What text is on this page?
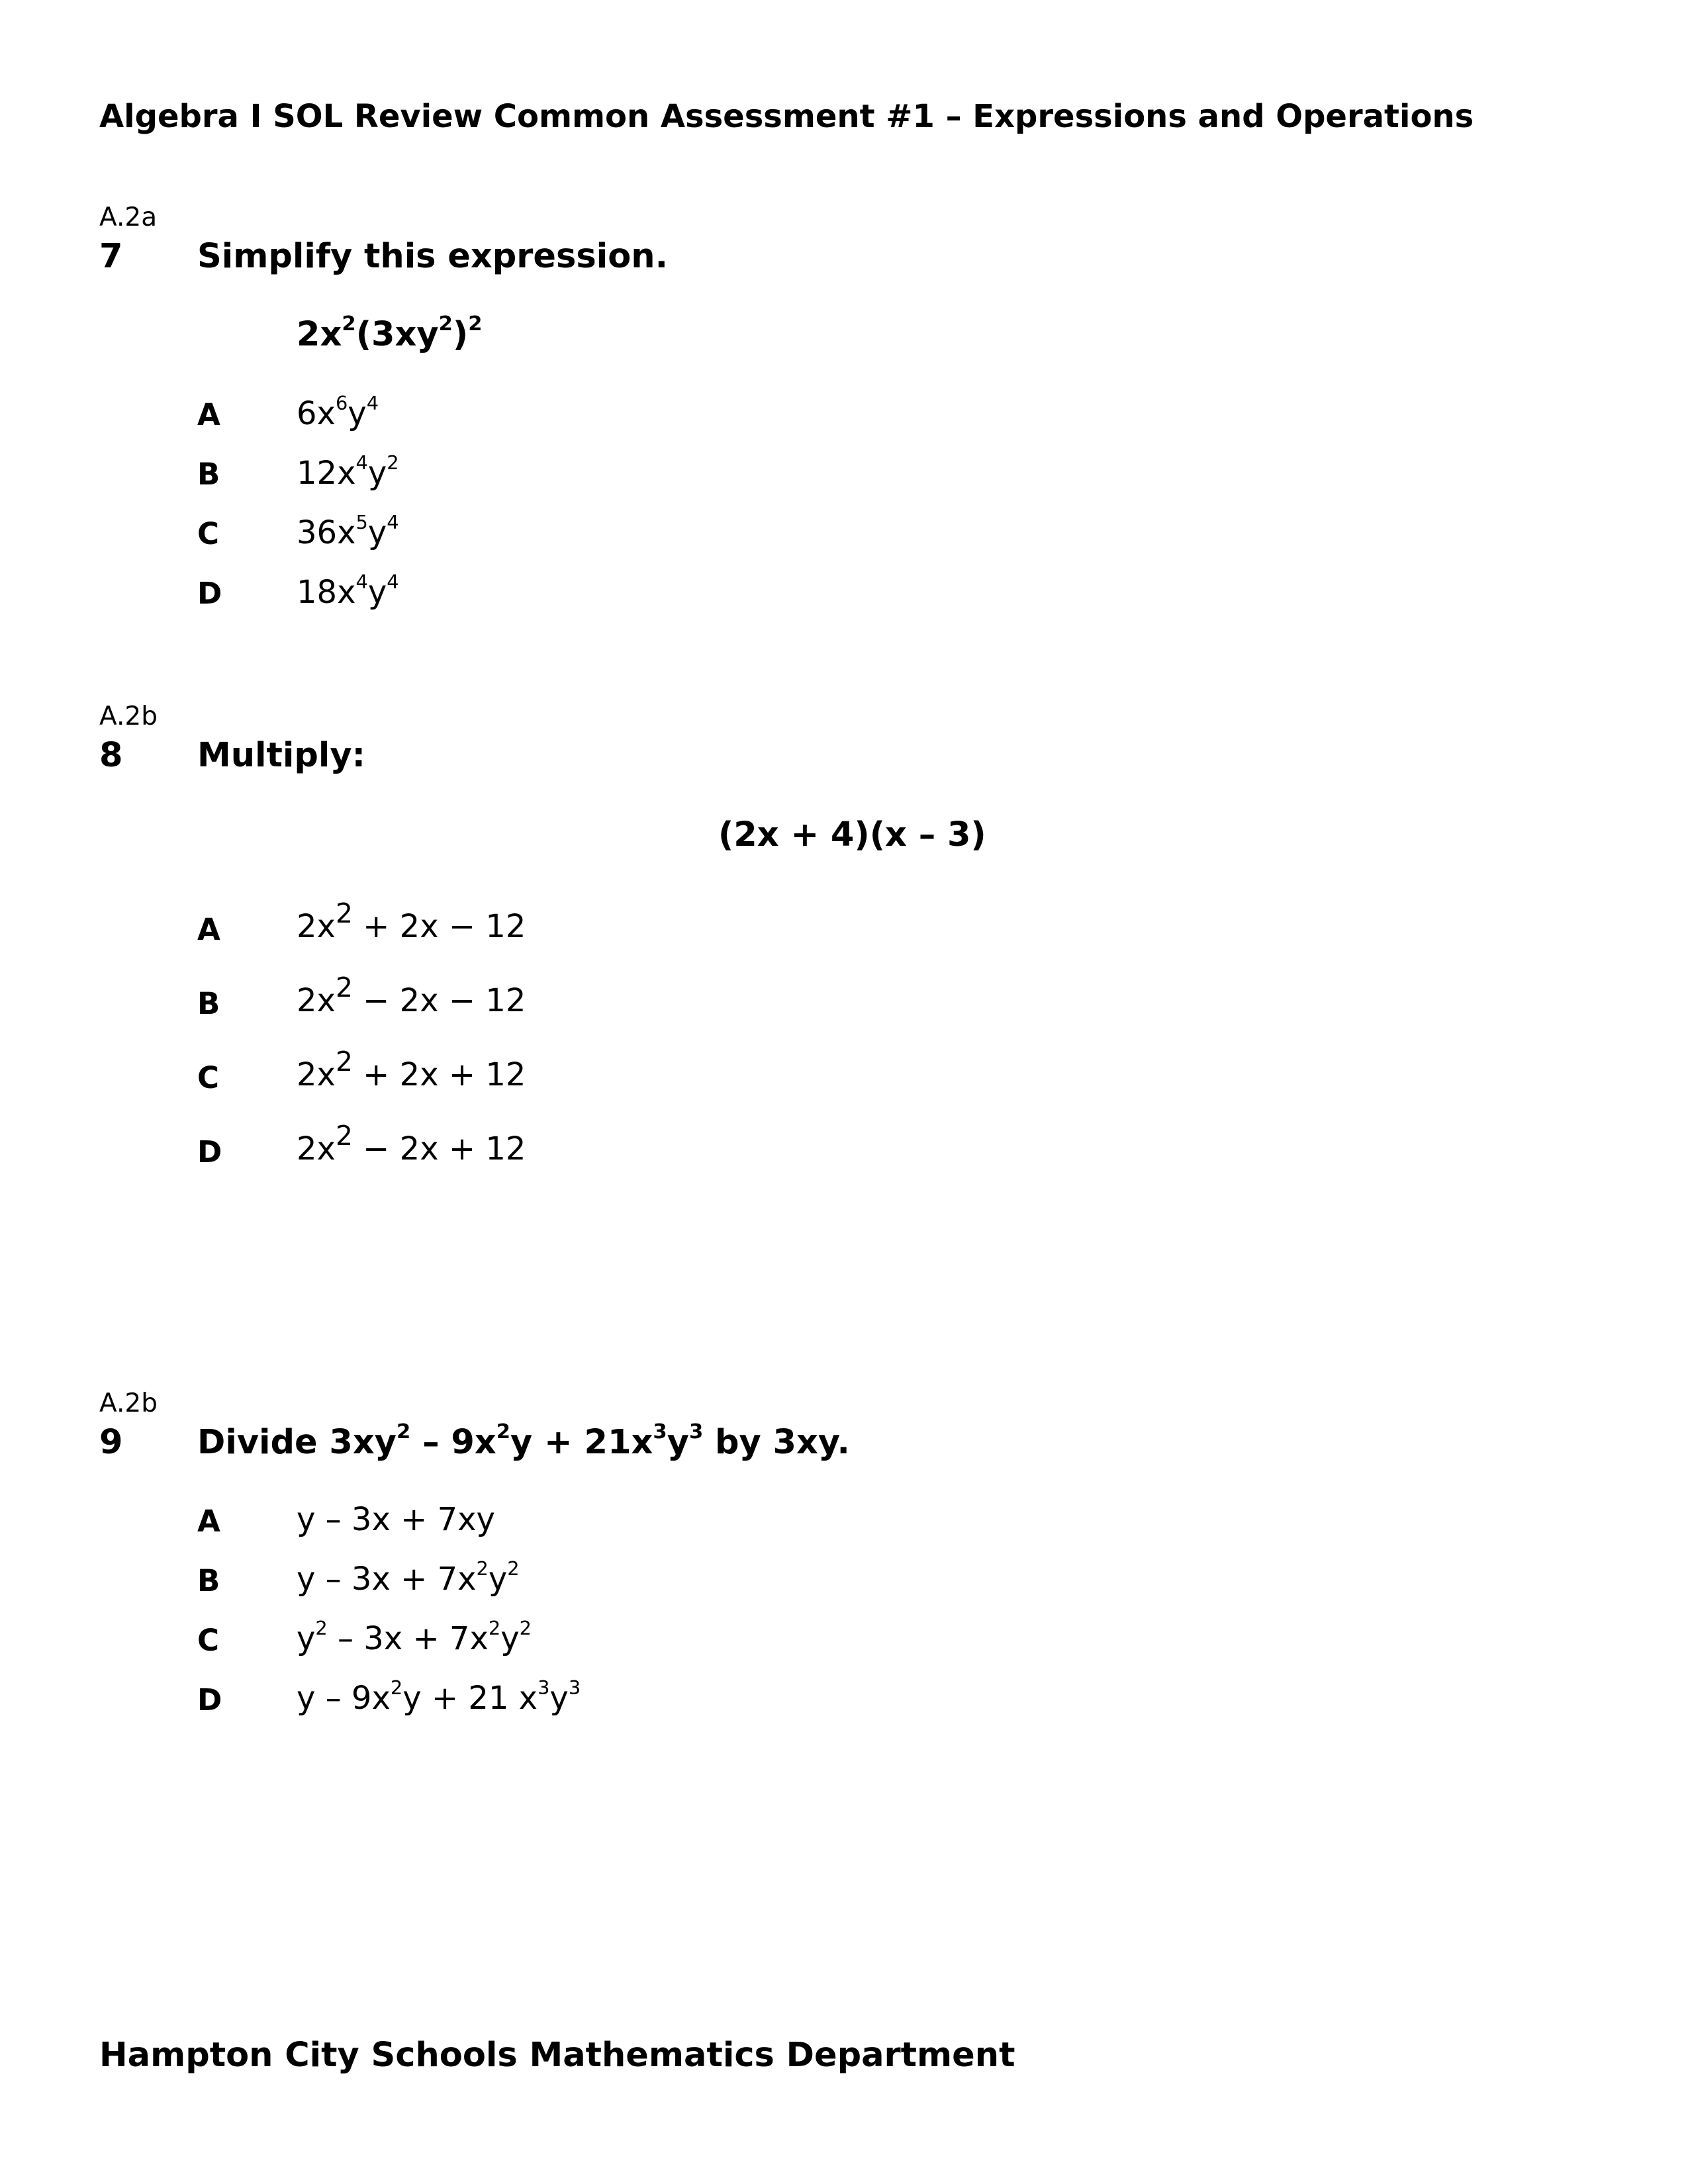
Algebra I SOL Review Common Assessment #1 – Expressions and Operations
A.2a
7 Simplify this expression.
$2x^2(3xy^2)^2$
A $6x^6y^4$
B $12x^4y^2$
C $36x^5y^4$
D $18x^4y^4$
A.2b
8 Multiply:
(2x + 4)(x – 3)
A $2x^2 + 2x - 12$
B $2x^2 - 2x - 12$
C $2x^2 + 2x + 12$
D $2x^2 - 2x + 12$
A.2b
9 Divide $3xy^2 - 9x^2y + 21x^3y^3$ by 3xy.
A y – 3x + 7xy
B $y - 3x + 7x^2y^2$
C $y^2 - 3x + 7x^2y^2$
D $y - 9x^2y + 21$ $x^3y^3$
Hampton City Schools Mathematics Department
